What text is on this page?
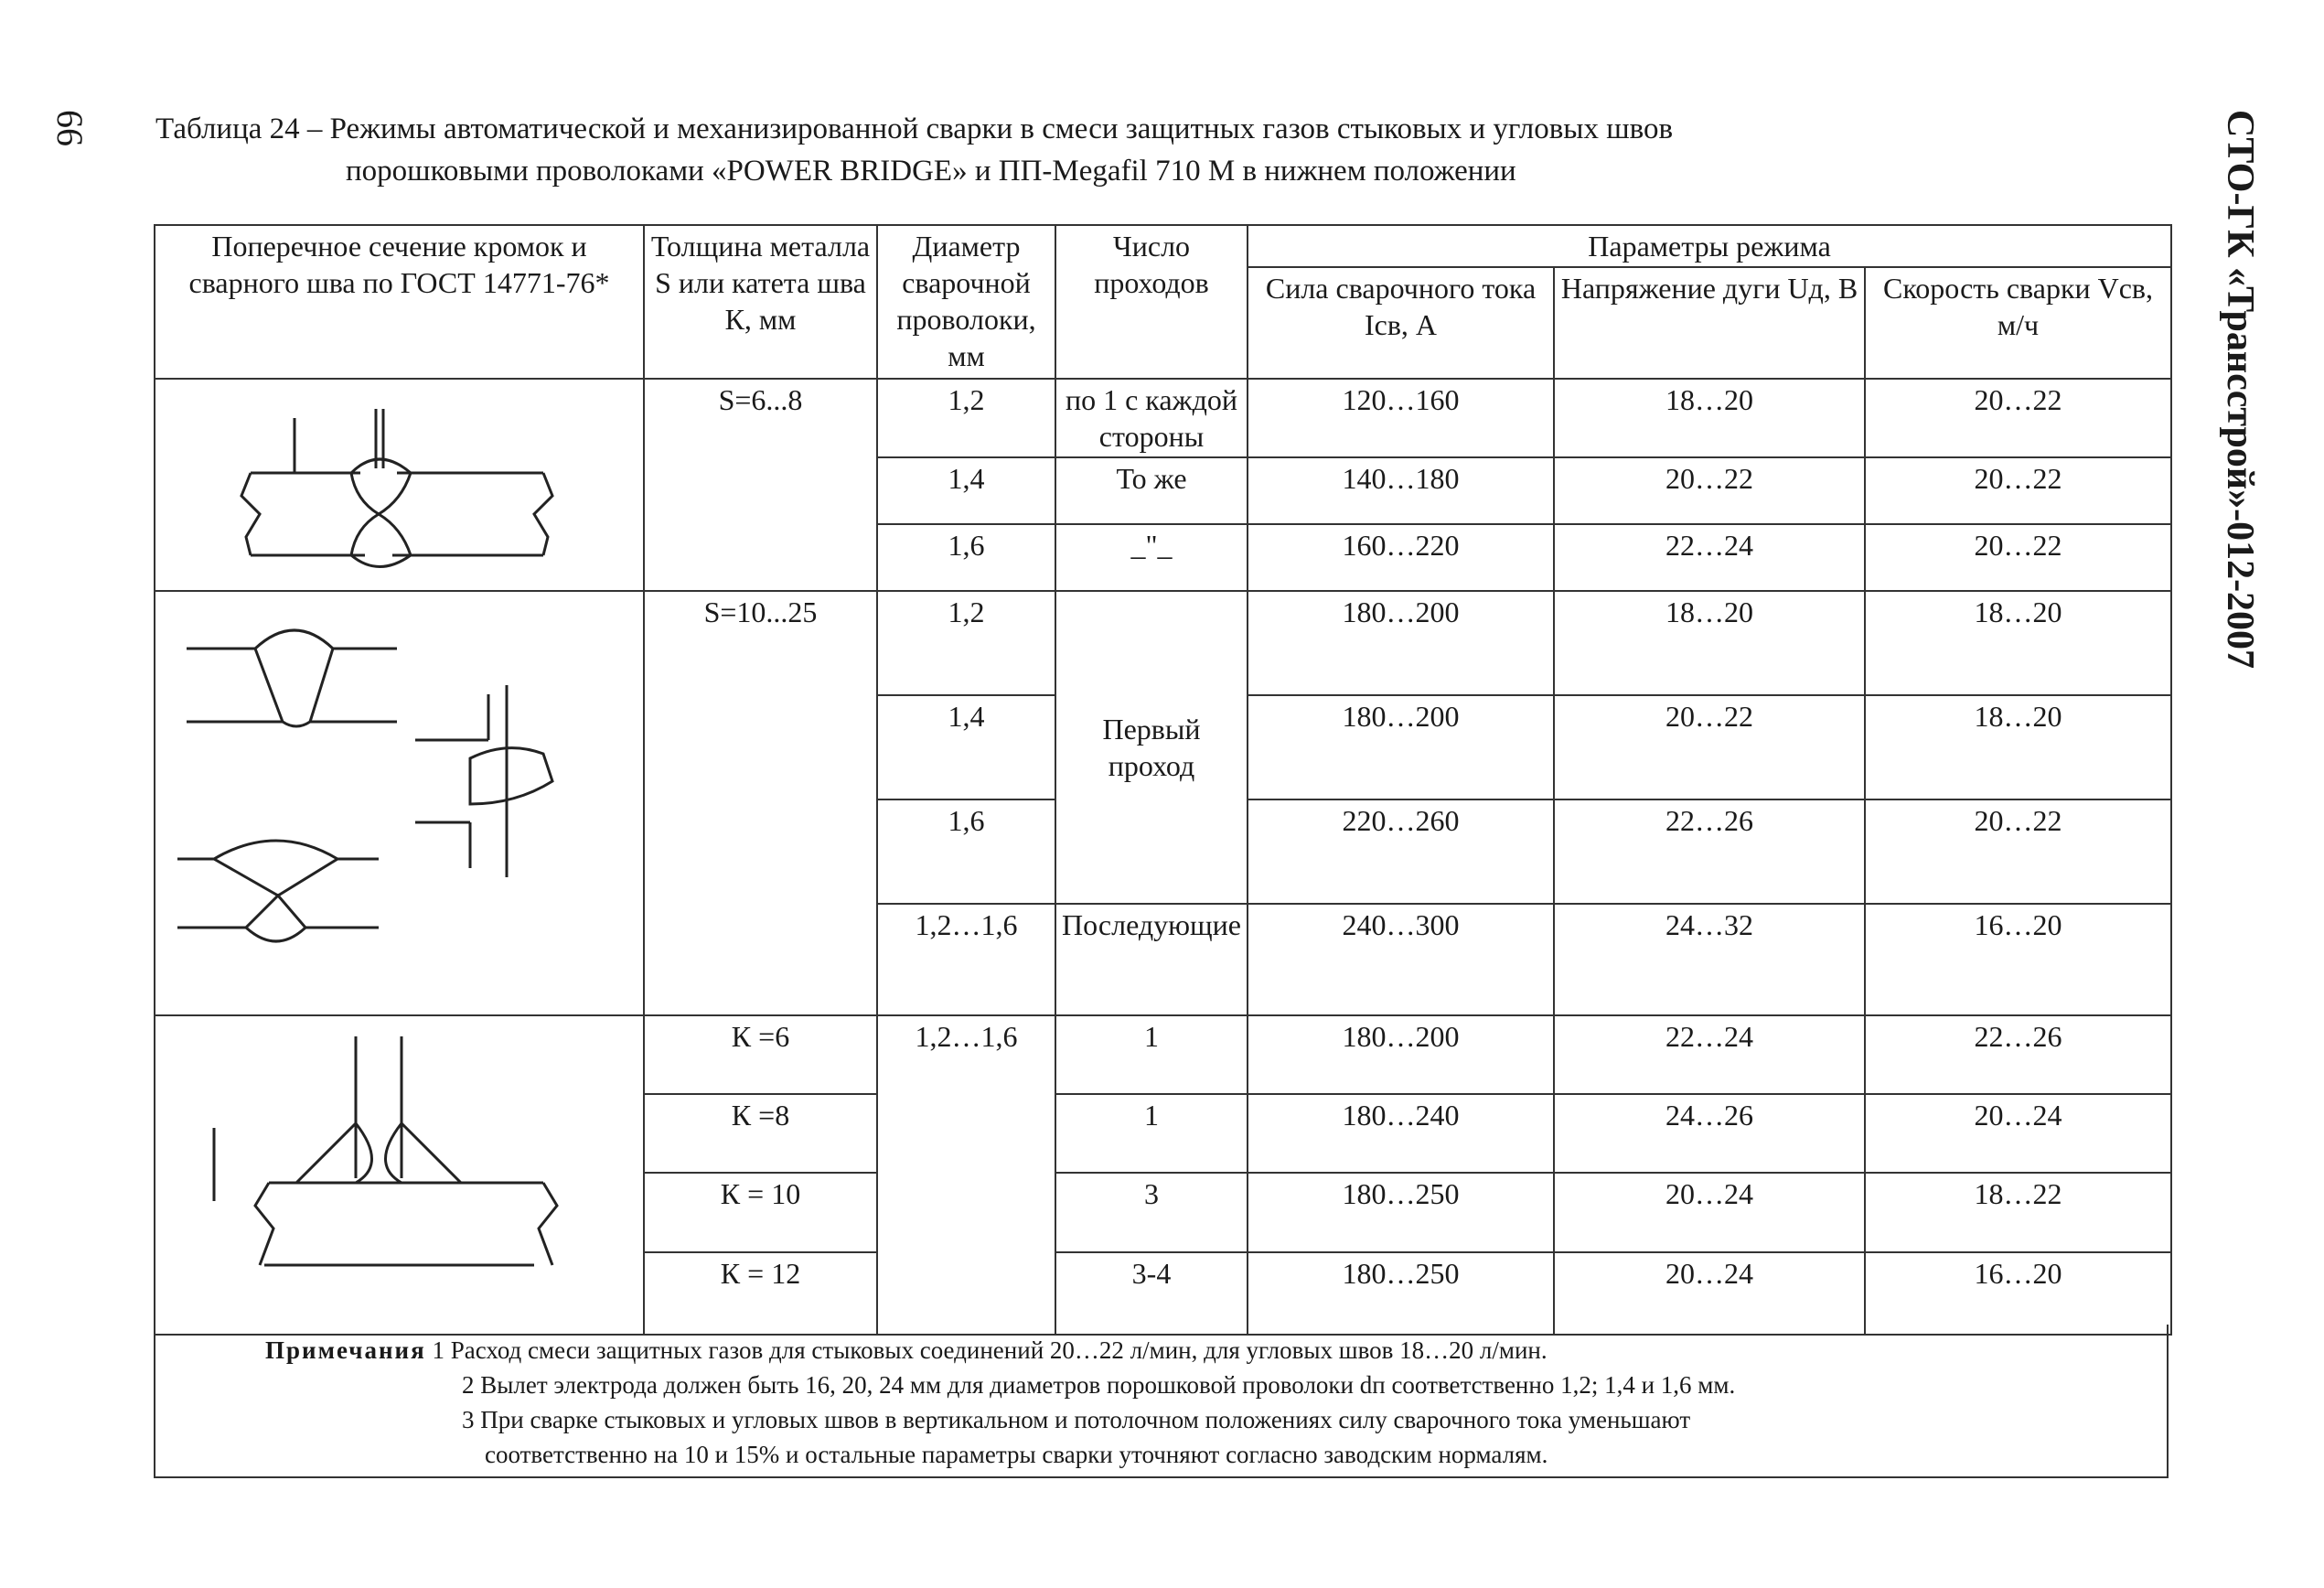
66 Таблица 24 – Режимы автоматической и механизированной сварки в смеси защитных газов стыковых и угловых швов
порошковыми проволоками «POWER BRIDGE» и ПП-Megafil 710 М в нижнем положении	СТО-ГК «Трансстрой»-012-2007
Поперечное сечение кромок и сварного шва по ГОСТ 14771-76*	Толщина металла S или катета шва К, мм	Диаметр сварочной проволоки, мм	Число проходов	Параметры режима		
				Сила сварочного тока Iсв, А	Напряжение дуги Uд, В	Скорость сварки Vсв, м/ч

	S=6...8	1,2	по 1 с каждой стороны	120…160	18…20	20…22
		1,4	То же	140…180	20…22	20…22
		1,6	_"_	160…220	22…24	20…22

	S=10...25	1,2	Первый проход	180…200	18…20	18…20
		1,4		180…200	20…22	18…20
		1,6		220…260	22…26	20…22
		1,2…1,6	Последующие	240…300	24…32	16…20

	К =6	1,2…1,6	1	180…200	22…24	22…26
	К =8		1	180…240	24…26	20…24
	К = 10		3	180…250	20…24	18…22
	К = 12		3-4	180…250	20…24	16…20
Примечания 1 Расход смеси защитных газов для стыковых соединений 20…22 л/мин, для угловых швов 18…20 л/мин.
2 Вылет электрода должен быть 16, 20, 24 мм для диаметров порошковой проволоки dп соответственно 1,2; 1,4 и 1,6 мм.
3 При сварке стыковых и угловых швов в вертикальном и потолочном положениях силу сварочного тока уменьшают
соответственно на 10 и 15% и остальные параметры сварки уточняют согласно заводским нормалям.
